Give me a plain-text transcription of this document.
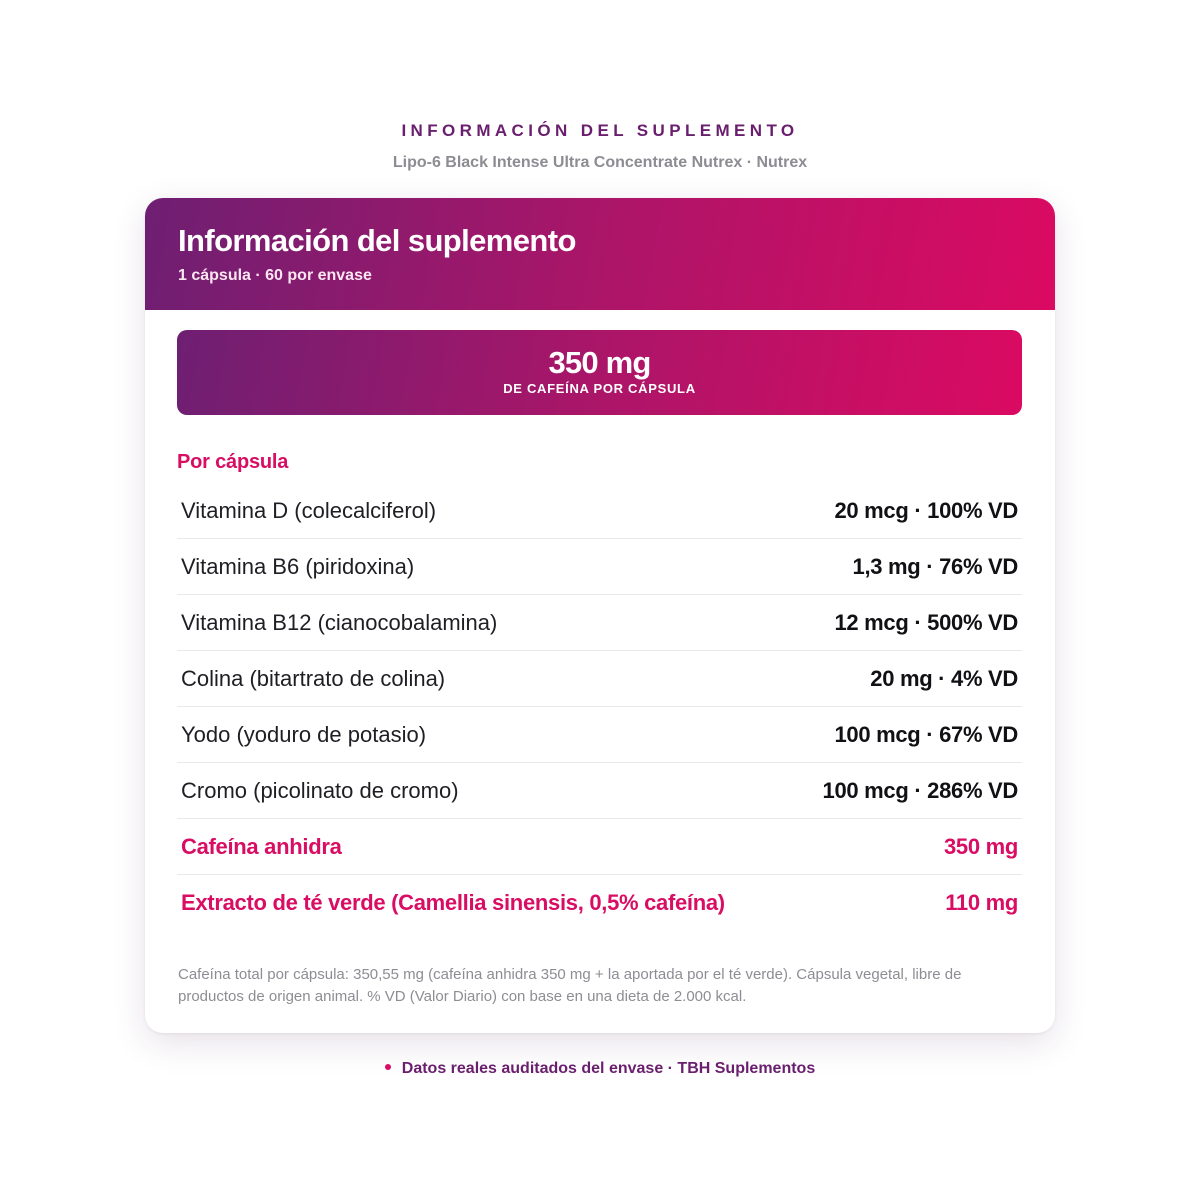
INFORMACIÓN DEL SUPLEMENTO
Lipo-6 Black Intense Ultra Concentrate Nutrex · Nutrex
Información del suplemento
1 cápsula · 60 por envase
350 mg
DE CAFEÍNA POR CÁPSULA
Por cápsula
Vitamina D (colecalciferol)	20 mcg · 100% VD
Vitamina B6 (piridoxina)	1,3 mg · 76% VD
Vitamina B12 (cianocobalamina)	12 mcg · 500% VD
Colina (bitartrato de colina)	20 mg · 4% VD
Yodo (yoduro de potasio)	100 mcg · 67% VD
Cromo (picolinato de cromo)	100 mcg · 286% VD
Cafeína anhidra	350 mg
Extracto de té verde (Camellia sinensis, 0,5% cafeína)	110 mg
Cafeína total por cápsula: 350,55 mg (cafeína anhidra 350 mg + la aportada por el té verde). Cápsula vegetal, libre de productos de origen animal. % VD (Valor Diario) con base en una dieta de 2.000 kcal.
Datos reales auditados del envase · TBH Suplementos
